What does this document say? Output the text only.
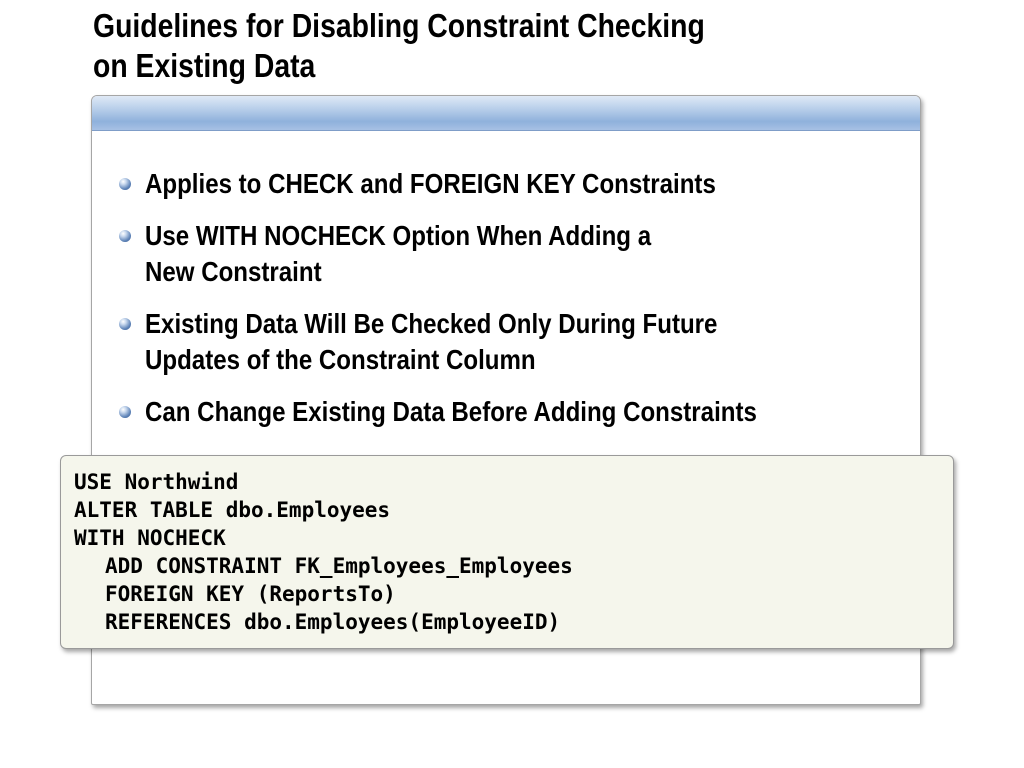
Guidelines for Disabling Constraint Checking
on Existing Data
Applies to CHECK and FOREIGN KEY Constraints
Use WITH NOCHECK Option When Adding a
New Constraint
Existing Data Will Be Checked Only During Future
Updates of the Constraint Column
Can Change Existing Data Before Adding Constraints
USE Northwind
ALTER TABLE dbo.Employees
WITH NOCHECK
ADD CONSTRAINT FK_Employees_Employees
FOREIGN KEY (ReportsTo)
REFERENCES dbo.Employees(EmployeeID)
